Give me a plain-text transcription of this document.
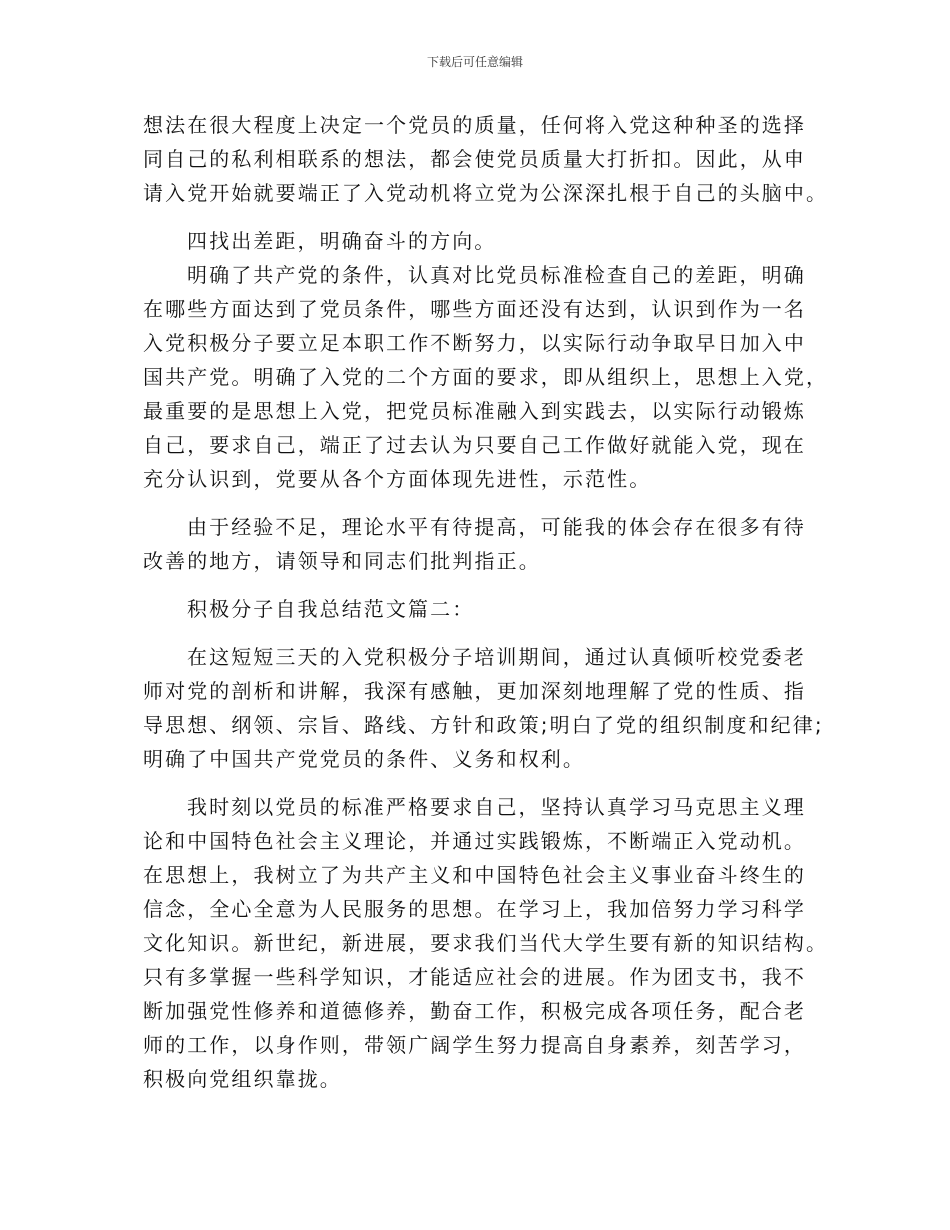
下载后可任意编辑
想法在很大程度上决定一个党员的质量，任何将入党这种种圣的选择
同自己的私利相联系的想法，都会使党员质量大打折扣。因此，从申
请入党开始就要端正了入党动机将立党为公深深扎根于自己的头脑中。
四找出差距，明确奋斗的方向。
明确了共产党的条件，认真对比党员标准检查自己的差距，明确
在哪些方面达到了党员条件，哪些方面还没有达到，认识到作为一名
入党积极分子要立足本职工作不断努力，以实际行动争取早日加入中
国共产党。明确了入党的二个方面的要求，即从组织上，思想上入党，
最重要的是思想上入党，把党员标准融入到实践去，以实际行动锻炼
自己，要求自己，端正了过去认为只要自己工作做好就能入党，现在
充分认识到，党要从各个方面体现先进性，示范性。
由于经验不足，理论水平有待提高，可能我的体会存在很多有待
改善的地方，请领导和同志们批判指正。
积极分子自我总结范文篇二：
在这短短三天的入党积极分子培训期间，通过认真倾听校党委老
师对党的剖析和讲解，我深有感触，更加深刻地理解了党的性质、指
导思想、纲领、宗旨、路线、方针和政策;明白了党的组织制度和纪律;
明确了中国共产党党员的条件、义务和权利。
我时刻以党员的标准严格要求自己，坚持认真学习马克思主义理
论和中国特色社会主义理论，并通过实践锻炼，不断端正入党动机。
在思想上，我树立了为共产主义和中国特色社会主义事业奋斗终生的
信念，全心全意为人民服务的思想。在学习上，我加倍努力学习科学
文化知识。新世纪，新进展，要求我们当代大学生要有新的知识结构。
只有多掌握一些科学知识，才能适应社会的进展。作为团支书，我不
断加强党性修养和道德修养，勤奋工作，积极完成各项任务，配合老
师的工作，以身作则，带领广阔学生努力提高自身素养，刻苦学习，
积极向党组织靠拢。
